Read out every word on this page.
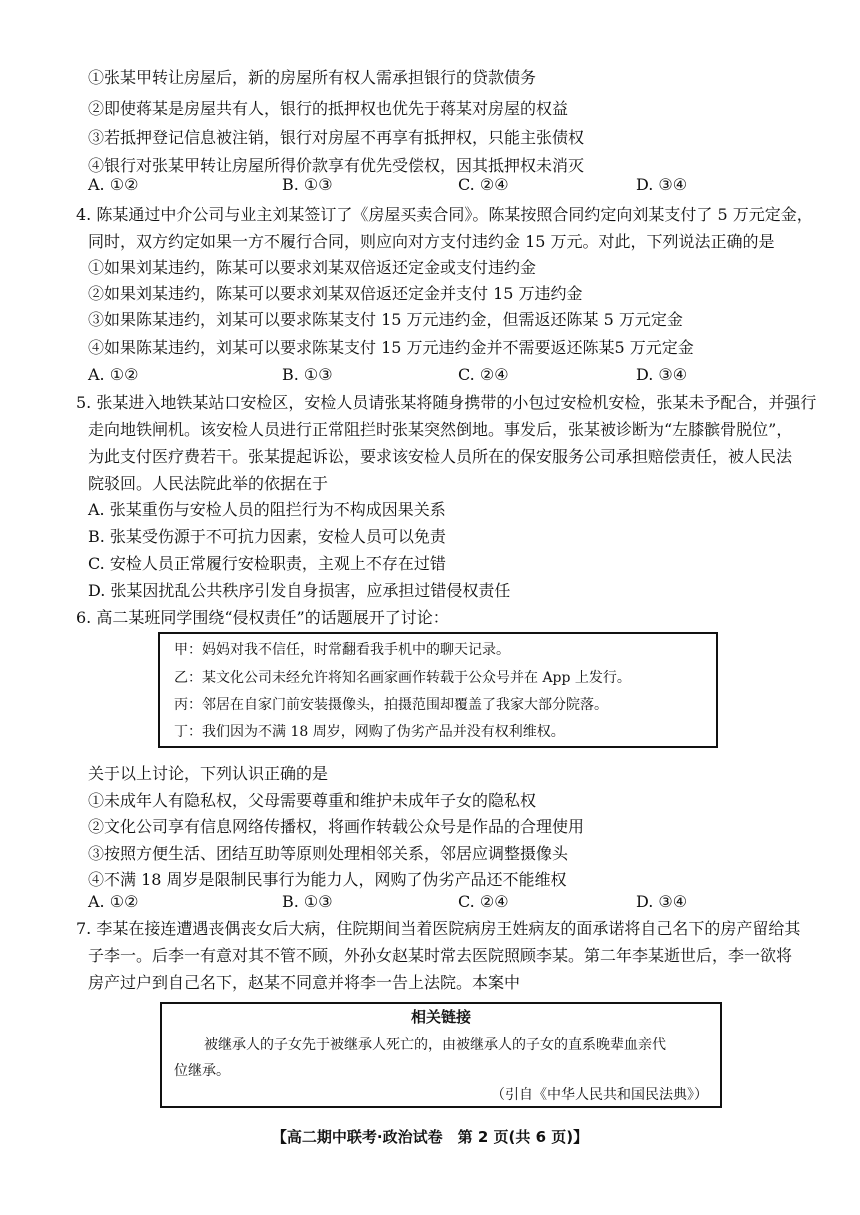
①张某甲转让房屋后，新的房屋所有权人需承担银行的贷款债务
②即使蒋某是房屋共有人，银行的抵押权也优先于蒋某对房屋的权益
③若抵押登记信息被注销，银行对房屋不再享有抵押权，只能主张债权
④银行对张某甲转让房屋所得价款享有优先受偿权，因其抵押权未消灭
A. ①②	B. ①③	C. ②④	D. ③④
4. 陈某通过中介公司与业主刘某签订了《房屋买卖合同》。陈某按照合同约定向刘某支付了 5 万元定金，
同时，双方约定如果一方不履行合同，则应向对方支付违约金 15 万元。对此，下列说法正确的是
①如果刘某违约，陈某可以要求刘某双倍返还定金或支付违约金
②如果刘某违约，陈某可以要求刘某双倍返还定金并支付 15 万违约金
③如果陈某违约，刘某可以要求陈某支付 15 万元违约金，但需返还陈某 5 万元定金
④如果陈某违约，刘某可以要求陈某支付 15 万元违约金并不需要返还陈某5 万元定金
A. ①②	B. ①③	C. ②④	D. ③④
5. 张某进入地铁某站口安检区，安检人员请张某将随身携带的小包过安检机安检，张某未予配合，并强行
走向地铁闸机。该安检人员进行正常阻拦时张某突然倒地。事发后，张某被诊断为“左膝髌骨脱位”，
为此支付医疗费若干。张某提起诉讼，要求该安检人员所在的保安服务公司承担赔偿责任，被人民法
院驳回。人民法院此举的依据在于
A. 张某重伤与安检人员的阻拦行为不构成因果关系
B. 张某受伤源于不可抗力因素，安检人员可以免责
C. 安检人员正常履行安检职责，主观上不存在过错
D. 张某因扰乱公共秩序引发自身损害，应承担过错侵权责任
6. 高二某班同学围绕“侵权责任”的话题展开了讨论：
甲：妈妈对我不信任，时常翻看我手机中的聊天记录。
乙：某文化公司未经允许将知名画家画作转载于公众号并在 App 上发行。
丙：邻居在自家门前安装摄像头，拍摄范围却覆盖了我家大部分院落。
丁：我们因为不满 18 周岁，网购了伪劣产品并没有权利维权。
关于以上讨论，下列认识正确的是
①未成年人有隐私权，父母需要尊重和维护未成年子女的隐私权
②文化公司享有信息网络传播权，将画作转载公众号是作品的合理使用
③按照方便生活、团结互助等原则处理相邻关系，邻居应调整摄像头
④不满 18 周岁是限制民事行为能力人，网购了伪劣产品还不能维权
A. ①②	B. ①③	C. ②④	D. ③④
7. 李某在接连遭遇丧偶丧女后大病，住院期间当着医院病房王姓病友的面承诺将自己名下的房产留给其
子李一。后李一有意对其不管不顾，外孙女赵某时常去医院照顾李某。第二年李某逝世后，李一欲将
房产过户到自己名下，赵某不同意并将李一告上法院。本案中
相关链接
被继承人的子女先于被继承人死亡的，由被继承人的子女的直系晚辈血亲代
位继承。
（引自《中华人民共和国民法典》）
【高二期中联考·政治试卷　第 2 页(共 6 页)】
